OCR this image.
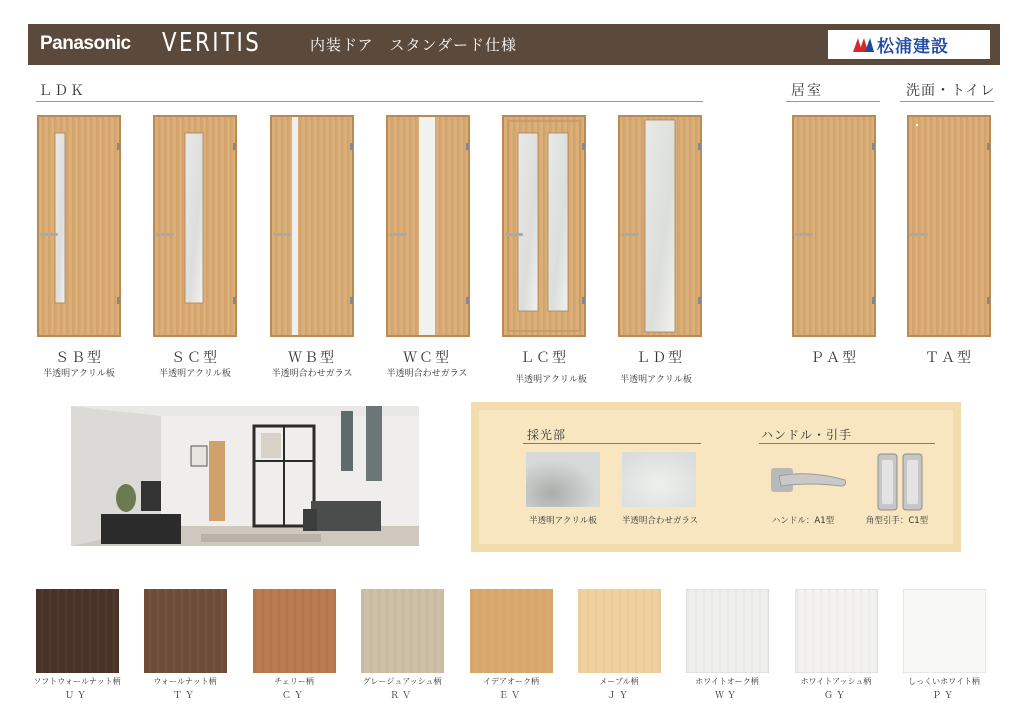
Panasonic VERITIS	内装ドア　スタンダード仕様	松浦建設
ＬＤＫ	居室	洗面・トイレ
ＳＢ型
半透明アクリル板
ＳＣ型
半透明アクリル板
ＷＢ型
半透明合わせガラス
ＷＣ型
半透明合わせガラス
ＬＣ型
半透明アクリル板
ＬＤ型
半透明アクリル板
ＰＡ型	ＴＡ型
採光部	ハンドル・引手
半透明アクリル板	半透明合わせガラス	ハンドル：A1型	角型引手：C1型
ソフトウォールナット柄
ＵＹ
ウォールナット柄
ＴＹ
チェリー柄
ＣＹ
グレージュアッシュ柄
ＲＶ
イデアオーク柄
ＥＶ
メープル柄
ＪＹ
ホワイトオーク柄
ＷＹ
ホワイトアッシュ柄
ＧＹ
しっくいホワイト柄
ＰＹ
